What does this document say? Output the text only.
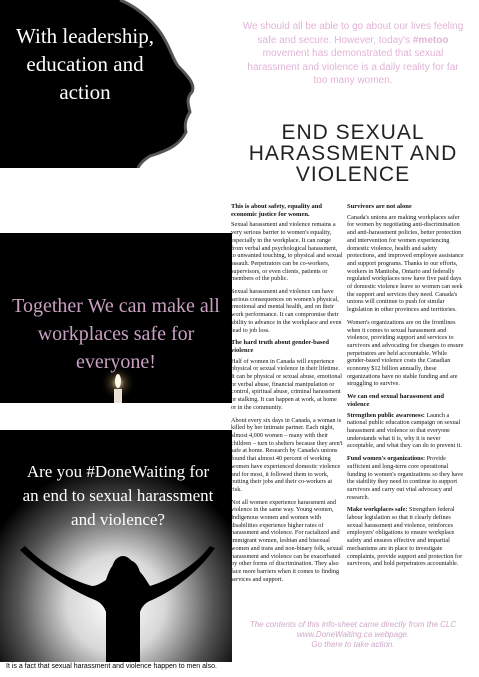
With leadership, education and action
Together We can make all workplaces safe for everyone!
Are you #DoneWaiting for an end to sexual harassment and violence?
It is a fact that sexual harassment and violence happen to men also.
We should all be able to go about our lives feeling safe and secure. However, today's #metoo movement has demonstrated that sexual harassment and violence is a daily reality for far too many women.
END SEXUAL HARASSMENT AND VIOLENCE
This is about safety, equality and economic justice for women.

Sexual harassment and violence remains a very serious barrier to women's equality, especially in the workplace. It can range from verbal and psychological harassment, to unwanted touching, to physical and sexual assault. Perpetrators can be co-workers, supervisors, or even clients, patients or members of the public.

Sexual harassment and violence can have serious consequences on women's physical, emotional and mental health, and on their work performance. It can compromise their ability to advance in the workplace and even lead to job loss.

The hard truth about gender-based violence

Half of women in Canada will experience physical or sexual violence in their lifetime. It can be physical or sexual abuse, emotional or verbal abuse, financial manipulation or control, spiritual abuse, criminal harassment or stalking. It can happen at work, at home or in the community.

About every six days in Canada, a woman is killed by her intimate partner. Each night, almost 4,000 women – many with their children – turn to shelters because they aren't safe at home. Research by Canada's unions found that almost 40 percent of working women have experienced domestic violence and for most, it followed them to work, putting their jobs and their co-workers at risk.

Not all women experience harassment and violence in the same way. Young women, Indigenous women and women with disabilities experience higher rates of harassment and violence. For racialized and immigrant women, lesbian and bisexual women and trans and non-binary folk, sexual harassment and violence can be exacerbated by other forms of discrimination. They also face more barriers when it comes to finding services and support.

Survivors are not alone

Canada's unions are making workplaces safer for women by negotiating anti-discrimination and anti-harassment policies, better protection and intervention for women experiencing domestic violence, health and safety protections, and improved employee assistance and support programs. Thanks to our efforts, workers in Manitoba, Ontario and federally regulated workplaces now have five paid days of domestic violence leave so women can seek the support and services they need. Canada's unions will continue to push for similar legislation in other provinces and territories.

Women's organizations are on the frontlines when it comes to sexual harassment and violence, providing support and services to survivors and advocating for changes to ensure perpetrators are held accountable. While gender-based violence costs the Canadian economy $12 billion annually, these organizations have no stable funding and are struggling to survive.

We can end sexual harassment and violence

Strengthen public awareness: Launch a national public education campaign on sexual harassment and violence so that everyone understands what it is, why it is never acceptable, and what they can do to prevent it.

Fund women's organizations: Provide sufficient and long-term core operational funding to women's organizations so they have the stability they need to continue to support survivors and carry out vital advocacy and research.

Make workplaces safe: Strengthen federal labour legislation so that it clearly defines sexual harassment and violence, reinforces employers' obligations to ensure workplace safety and ensures effective and impartial mechanisms are in place to investigate complaints, provide support and protection for survivors, and hold perpetrators accountable.

The contents of this info-sheet came directly from the CLC
www.DoneWaiting.ca webpage.
Go there to take action.
